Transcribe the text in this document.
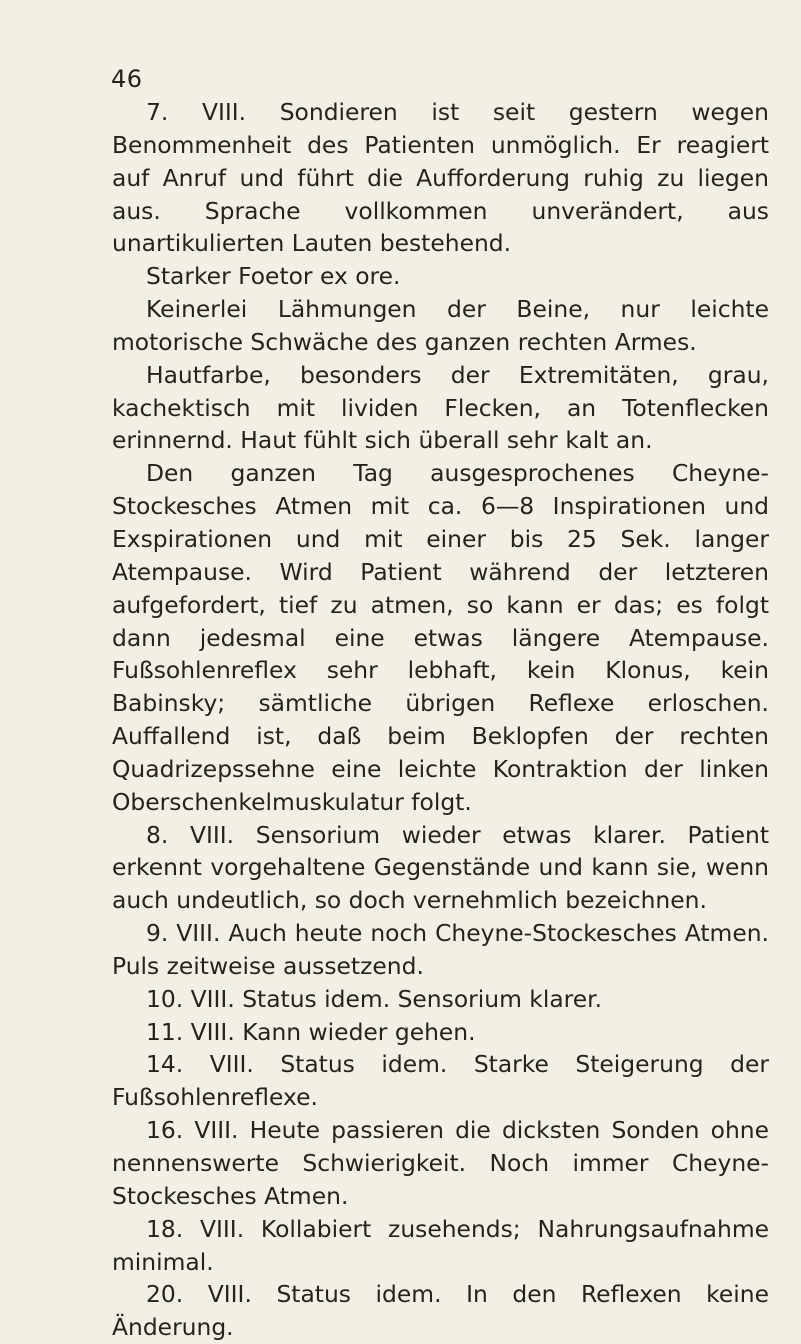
46

7. VIII. Sondieren ist seit gestern wegen Benommenheit des Patienten unmöglich. Er reagiert auf Anruf und führt die Aufforderung ruhig zu liegen aus. Sprache vollkommen unverändert, aus unartikulierten Lauten bestehend.

Starker Foetor ex ore.

Keinerlei Lähmungen der Beine, nur leichte motorische Schwäche des ganzen rechten Armes.

Hautfarbe, besonders der Extremitäten, grau, kachektisch mit lividen Flecken, an Totenflecken erinnernd. Haut fühlt sich überall sehr kalt an.

Den ganzen Tag ausgesprochenes Cheyne-Stockesches Atmen mit ca. 6—8 Inspirationen und Exspirationen und mit einer bis 25 Sek. langer Atempause. Wird Patient während der letzteren aufgefordert, tief zu atmen, so kann er das; es folgt dann jedesmal eine etwas längere Atempause. Fußsohlenreflex sehr lebhaft, kein Klonus, kein Babinsky; sämtliche übrigen Reflexe erloschen. Auffallend ist, daß beim Beklopfen der rechten Quadrizepssehne eine leichte Kontraktion der linken Oberschenkelmuskulatur folgt.

8. VIII. Sensorium wieder etwas klarer. Patient erkennt vorgehaltene Gegenstände und kann sie, wenn auch undeutlich, so doch vernehmlich bezeichnen.

9. VIII. Auch heute noch Cheyne-Stockesches Atmen. Puls zeitweise aussetzend.

10. VIII. Status idem. Sensorium klarer.

11. VIII. Kann wieder gehen.

14. VIII. Status idem. Starke Steigerung der Fußsohlenreflexe.

16. VIII. Heute passieren die dicksten Sonden ohne nennenswerte Schwierigkeit. Noch immer Cheyne-Stockesches Atmen.

18. VIII. Kollabiert zusehends; Nahrungsaufnahme minimal.

20. VIII. Status idem. In den Reflexen keine Änderung.
